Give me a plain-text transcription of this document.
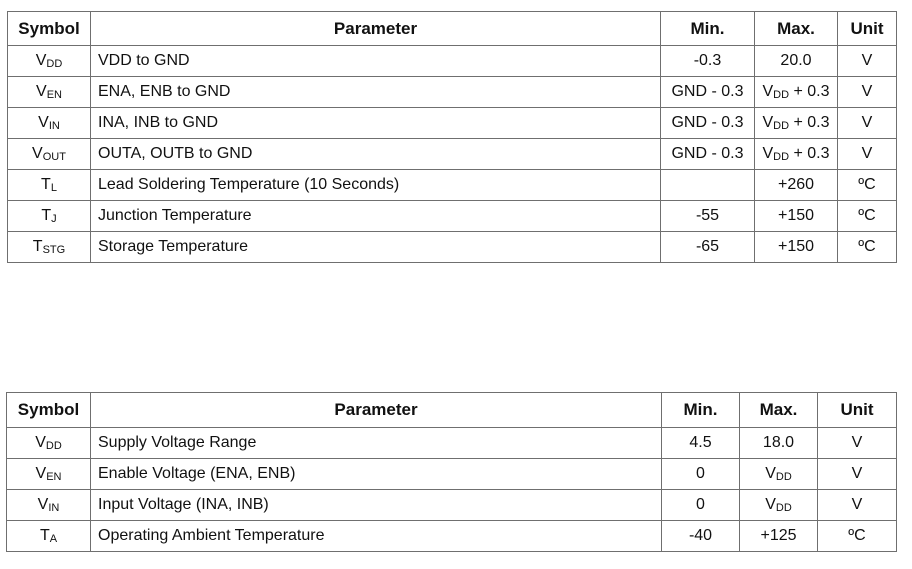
Symbol	Parameter	Min.	Max.	Unit
$V_{DD}$	VDD to GND	-0.3	20.0	V
$V_{EN}$	ENA, ENB to GND	GND - 0.3	$V_{DD} + 0.3$	V
$V_{IN}$	INA, INB to GND	GND - 0.3	$V_{DD} + 0.3$	V
$V_{OUT}$	OUTA, OUTB to GND	GND - 0.3	$V_{DD} + 0.3$	V
$T_L$	Lead Soldering Temperature (10 Seconds)		+260	ºC
$T_J$	Junction Temperature	-55	+150	ºC
$T_{STG}$	Storage Temperature	-65	+150	ºC
Symbol	Parameter	Min.	Max.	Unit
$V_{DD}$	Supply Voltage Range	4.5	18.0	V
$V_{EN}$	Enable Voltage (ENA, ENB)	0	$V_{DD}$	V
$V_{IN}$	Input Voltage (INA, INB)	0	$V_{DD}$	V
$T_A$	Operating Ambient Temperature	-40	+125	ºC
